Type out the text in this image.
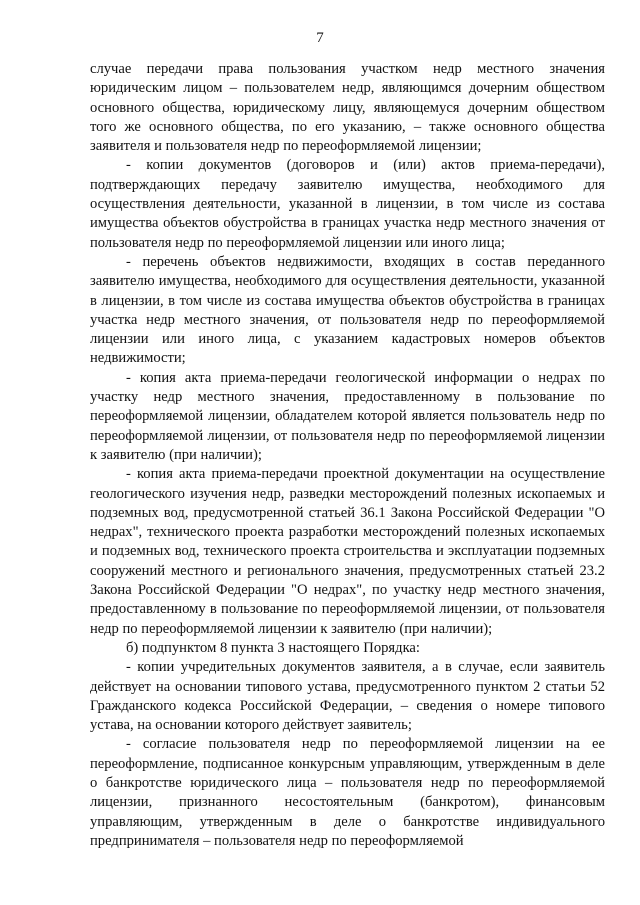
7

случае передачи права пользования участком недр местного значения юридическим лицом – пользователем недр, являющимся дочерним обществом основного общества, юридическому лицу, являющемуся дочерним обществом того же основного общества, по его указанию, – также основного общества заявителя и пользователя недр по переоформляемой лицензии;

- копии документов (договоров и (или) актов приема-передачи), подтверждающих передачу заявителю имущества, необходимого для осуществления деятельности, указанной в лицензии, в том числе из состава имущества объектов обустройства в границах участка недр местного значения от пользователя недр по переоформляемой лицензии или иного лица;

- перечень объектов недвижимости, входящих в состав переданного заявителю имущества, необходимого для осуществления деятельности, указанной в лицензии, в том числе из состава имущества объектов обустройства в границах участка недр местного значения, от пользователя недр по переоформляемой лицензии или иного лица, с указанием кадастровых номеров объектов недвижимости;

- копия акта приема-передачи геологической информации о недрах по участку недр местного значения, предоставленному в пользование по переоформляемой лицензии, обладателем которой является пользователь недр по переоформляемой лицензии, от пользователя недр по переоформляемой лицензии к заявителю (при наличии);

- копия акта приема-передачи проектной документации на осуществление геологического изучения недр, разведки месторождений полезных ископаемых и подземных вод, предусмотренной статьей 36.1 Закона Российской Федерации "О недрах", технического проекта разработки месторождений полезных ископаемых и подземных вод, технического проекта строительства и эксплуатации подземных сооружений местного и регионального значения, предусмотренных статьей 23.2 Закона Российской Федерации "О недрах", по участку недр местного значения, предоставленному в пользование по переоформляемой лицензии, от пользователя недр по переоформляемой лицензии к заявителю (при наличии);

б) подпунктом 8 пункта 3 настоящего Порядка:

- копии учредительных документов заявителя, а в случае, если заявитель действует на основании типового устава, предусмотренного пунктом 2 статьи 52 Гражданского кодекса Российской Федерации, – сведения о номере типового устава, на основании которого действует заявитель;

- согласие пользователя недр по переоформляемой лицензии на ее переоформление, подписанное конкурсным управляющим, утвержденным в деле о банкротстве юридического лица – пользователя недр по переоформляемой лицензии, признанного несостоятельным (банкротом), финансовым управляющим, утвержденным в деле о банкротстве индивидуального предпринимателя – пользователя недр по переоформляемой
